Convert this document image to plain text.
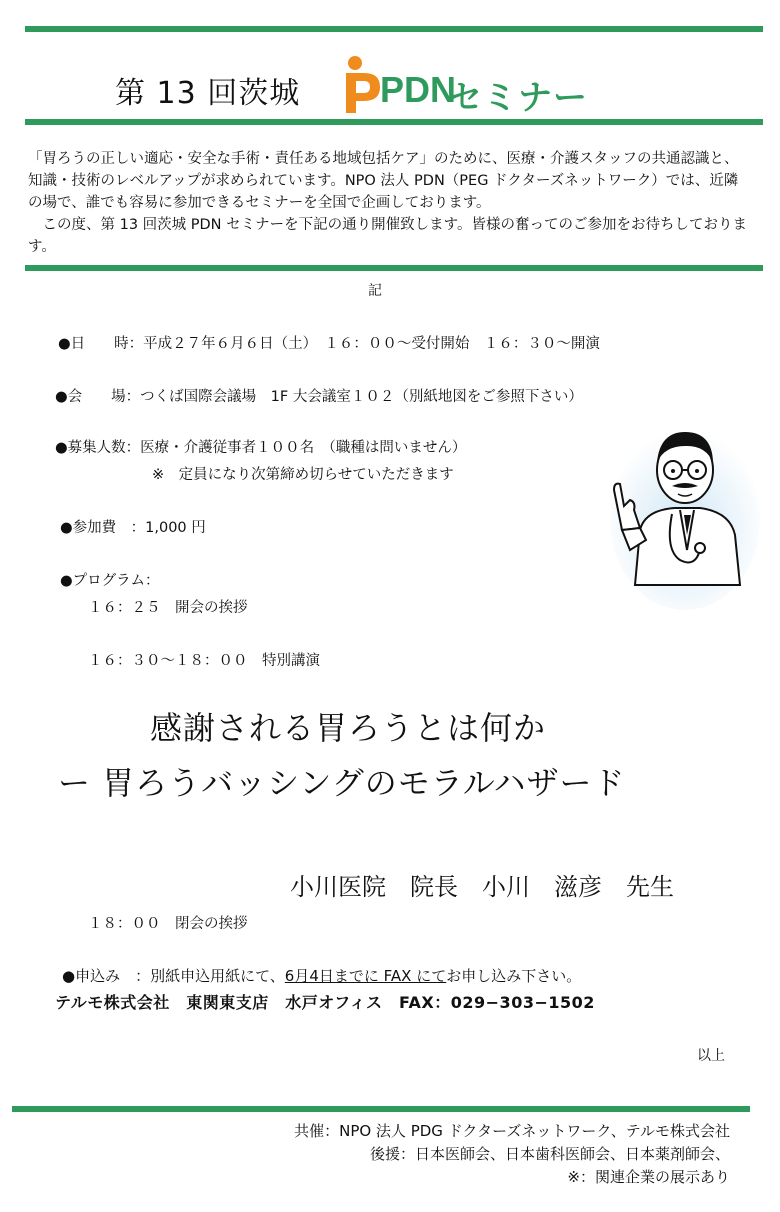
第 13 回茨城 PDN
セミナー

「胃ろうの正しい適応・安全な手術・責任ある地域包括ケア」のために、医療・介護スタッフの共通認識と、知識・技術のレベルアップが求められています。NPO 法人 PDN（PEG ドクターズネットワーク）では、近隣の場で、誰でも容易に参加できるセミナーを全国で企画しております。

　この度、第 13 回茨城 PDN セミナーを下記の通り開催致します。皆様の奮ってのご参加をお待ちしております。

記
●日　　時：平成２７年６月６日（土）　１６：００～受付開始　１６：３０～開演
●会　　場：つくば国際会議場　1F 大会議室１０２（別紙地図をご参照下さい）
●募集人数：医療・介護従事者１００名　（職種は問いません）
※　定員になり次第締め切らせていただきます
●参加費　：1,000 円
●プログラム：
１６：２５　開会の挨拶
１６：３０～１８：００　特別講演
感謝される胃ろうとは何か
ー 胃ろうバッシングのモラルハザード
小川医院　院長　小川　滋彦　先生
１８：００　閉会の挨拶
●申込み　：別紙申込用紙にて、6月4日までに FAX にてお申し込み下さい。
テルモ株式会社　東関東支店　水戸オフィス　FAX：029−303−1502
以上
共催：NPO 法人 PDG ドクターズネットワーク、テルモ株式会社
後援：日本医師会、日本歯科医師会、日本薬剤師会、
※：関連企業の展示あり
